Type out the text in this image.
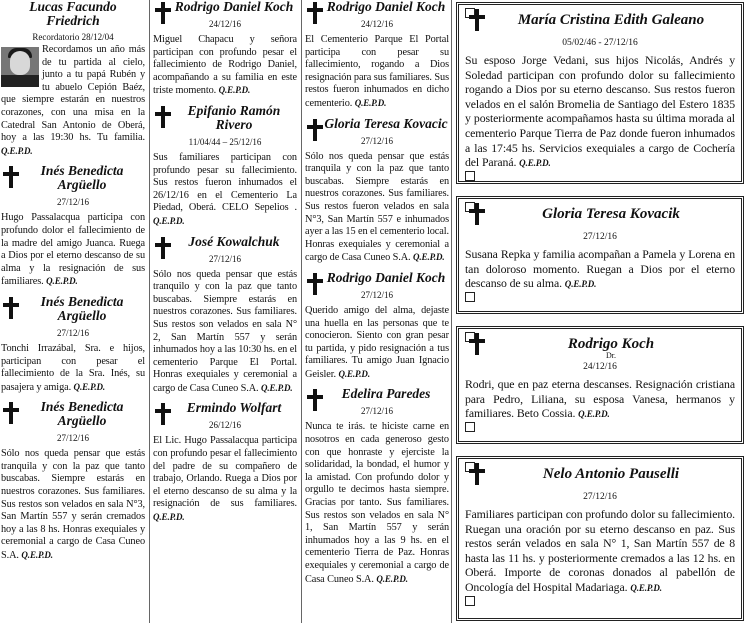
Lucas Facundo Friedrich
Recordatorio 28/12/04
Recordamos un año más de tu partida al cielo, junto a tu papá Rubén y tu abuelo Cepión Baéz, que siempre estarán en nuestros corazones, con una misa en la Catedral San Antonio de Oberá, hoy a las 19:30 hs. Tu familia. Q.E.P.D.
Inés Benedicta Argüello
27/12/16
Hugo Passalacqua participa con profundo dolor el fallecimiento de la madre del amigo Juanca. Ruega a Dios por el eterno descanso de su alma y la resignación de sus familiares. Q.E.P.D.
Inés Benedicta Argüello
27/12/16
Tonchi Irrazábal, Sra. e hijos, participan con pesar el fallecimiento de la Sra. Inés, su pasajera y amiga. Q.E.P.D.
Inés Benedicta Argüello
27/12/16
Sólo nos queda pensar que estás tranquila y con la paz que tanto buscabas. Siempre estarás en nuestros corazones. Sus familiares. Sus restos son velados en sala N°3, San Martín 557 y serán cremados hoy a las 8 hs. Honras exequiales y ceremonial a cargo de Casa Cuneo S.A. Q.E.P.D.
Rodrigo Daniel Koch
24/12/16
Miguel Chapacu y señora participan con profundo pesar el fallecimiento de Rodrigo Daniel, acompañando a su familia en este triste momento. Q.E.P.D.
Epifanio Ramón Rivero
11/04/44 – 25/12/16
Sus familiares participan con profundo pesar su fallecimiento. Sus restos fueron inhumados el 26/12/16 en el Cementerio La Piedad, Oberá. CELO Sepelios . Q.E.P.D.
José Kowalchuk
27/12/16
Sólo nos queda pensar que estás tranquilo y con la paz que tanto buscabas. Siempre estarás en nuestros corazones. Sus familiares. Sus restos son velados en sala N° 2, San Martín 557 y serán inhumados hoy a las 10:30 hs. en el cementerio Parque El Portal. Honras exequiales y ceremonial a cargo de Casa Cuneo S.A. Q.E.P.D.
Ermindo Wolfart
26/12/16
El Lic. Hugo Passalacqua participa con profundo pesar el fallecimiento del padre de su compañero de trabajo, Orlando. Ruega a Dios por el eterno descanso de su alma y la resignación de sus familiares. Q.E.P.D.
Rodrigo Daniel Koch
24/12/16
El Cementerio Parque El Portal participa con pesar su fallecimiento, rogando a Dios resignación para sus familiares. Sus restos fueron inhumados en dicho cementerio. Q.E.P.D.
Gloria Teresa Kovacic
27/12/16
Sólo nos queda pensar que estás tranquila y con la paz que tanto buscabas. Siempre estarás en nuestros corazones. Sus familiares. Sus restos fueron velados en sala N°3, San Martín 557 e inhumados ayer a las 15 en el cementerio local. Honras exequiales y ceremonial a cargo de Casa Cuneo S.A. Q.E.P.D.
Rodrigo Daniel Koch
27/12/16
Querido amigo del alma, dejaste una huella en las personas que te conocieron. Siento con gran pesar tu partida, y pido resignación a tus familiares. Tu amigo Juan Ignacio Geisler. Q.E.P.D.
Edelira Paredes
27/12/16
Nunca te irás. te hiciste carne en nosotros en cada generoso gesto con que honraste y ejerciste la solidaridad, la bondad, el humor y la amistad. Con profundo dolor y orgullo te decimos hasta siempre. Gracias por tanto. Sus familiares. Sus restos son velados en sala N° 1, San Martín 557 y serán inhumados hoy a las 9 hs. en el cementerio Tierra de Paz. Honras exequiales y ceremonial a cargo de Casa Cuneo S.A. Q.E.P.D.
María Cristina Edith Galeano
05/02/46 - 27/12/16
Su esposo Jorge Vedani, sus hijos Nicolás, Andrés y Soledad participan con profundo dolor su fallecimiento rogando a Dios por su eterno descanso. Sus restos fueron velados en el salón Bromelia de Santiago del Estero 1835 y posteriormente acompañamos hasta su última morada al cementerio Parque Tierra de Paz donde fueron inhumados a las 17:45 hs. Servicios exequiales a cargo de Cochería del Paraná. Q.E.P.D.
Gloria Teresa Kovacik
27/12/16
Susana Repka y familia acompañan a Pamela y Lorena en tan doloroso momento. Ruegan a Dios por el eterno descanso de su alma. Q.E.P.D.
Rodrigo Koch
Dr.
24/12/16
Rodri, que en paz eterna descanses. Resignación cristiana para Pedro, Liliana, su esposa Vanesa, hermanos y familiares. Beto Cossia. Q.E.P.D.
Nelo Antonio Pauselli
27/12/16
Familiares participan con profundo dolor su fallecimiento. Ruegan una oración por su eterno descanso en paz. Sus restos serán velados en sala N° 1, San Martín 557 de 8 hasta las 11 hs. y posteriormente cremados a las 12 hs. en Oberá. Importe de coronas donados al pabellón de Oncología del Hospital Madariaga. Q.E.P.D.
